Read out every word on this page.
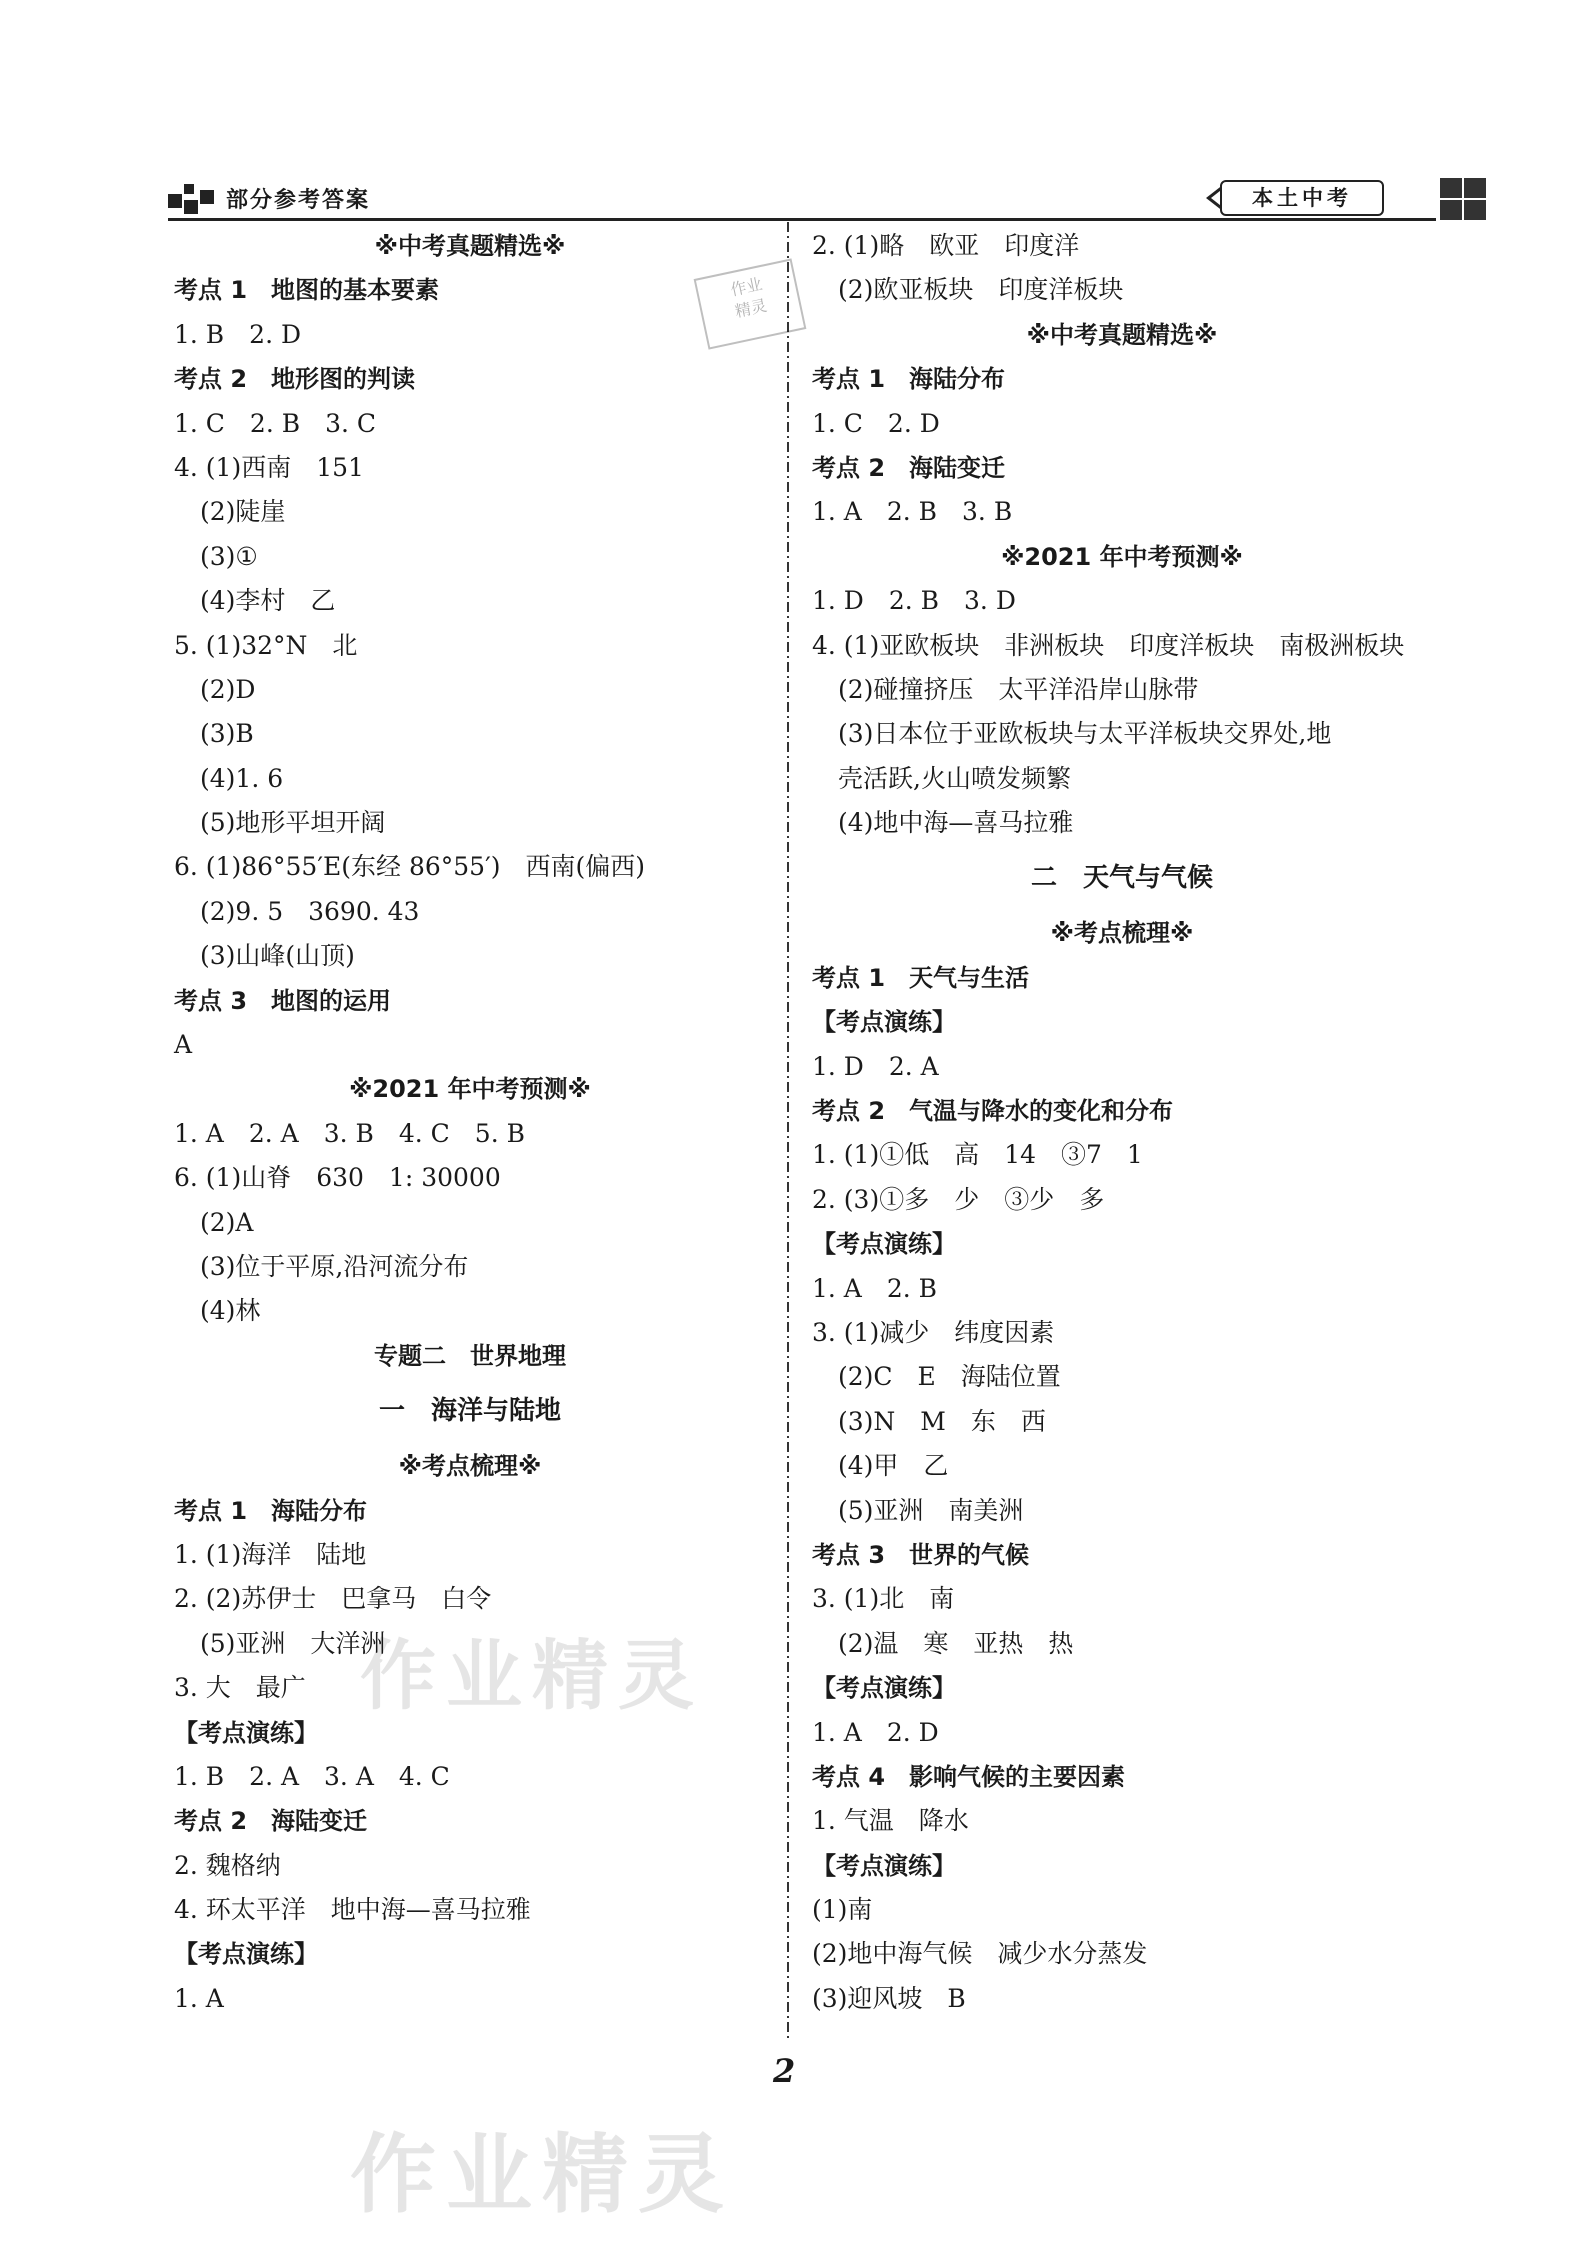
部分参考答案	本土中考
※中考真题精选※
考点 1　地图的基本要素
1. B　2. D
考点 2　地形图的判读
1. C　2. B　3. C
4. (1)西南　151
(2)陡崖
(3)①
(4)李村　乙
5. (1)32°N　北
(2)D
(3)B
(4)1. 6
(5)地形平坦开阔
6. (1)86°55′E(东经 86°55′)　西南(偏西)
(2)9. 5　3690. 43
(3)山峰(山顶)
考点 3　地图的运用
A
※2021 年中考预测※
1. A　2. A　3. B　4. C　5. B
6. (1)山脊　630　1: 30000
(2)A
(3)位于平原,沿河流分布
(4)林
专题二　世界地理
一　海洋与陆地
※考点梳理※
考点 1　海陆分布
1. (1)海洋　陆地
2. (2)苏伊士　巴拿马　白令
(5)亚洲　大洋洲
3. 大　最广
【考点演练】
1. B　2. A　3. A　4. C
考点 2　海陆变迁
2. 魏格纳
4. 环太平洋　地中海—喜马拉雅
【考点演练】
1. A
2. (1)略　欧亚　印度洋
(2)欧亚板块　印度洋板块
※中考真题精选※
考点 1　海陆分布
1. C　2. D
考点 2　海陆变迁
1. A　2. B　3. B
※2021 年中考预测※
1. D　2. B　3. D
4. (1)亚欧板块　非洲板块　印度洋板块　南极洲板块
(2)碰撞挤压　太平洋沿岸山脉带
(3)日本位于亚欧板块与太平洋板块交界处,地
壳活跃,火山喷发频繁
(4)地中海—喜马拉雅
二　天气与气候
※考点梳理※
考点 1　天气与生活
【考点演练】
1. D　2. A
考点 2　气温与降水的变化和分布
1. (1)①低　高　14　③7　1
2. (3)①多　少　③少　多
【考点演练】
1. A　2. B
3. (1)减少　纬度因素
(2)C　E　海陆位置
(3)N　M　东　西
(4)甲　乙
(5)亚洲　南美洲
考点 3　世界的气候
3. (1)北　南
(2)温　寒　亚热　热
【考点演练】
1. A　2. D
考点 4　影响气候的主要因素
1. 气温　降水
【考点演练】
(1)南
(2)地中海气候　减少水分蒸发
(3)迎风坡　B
作业
精灵
作业精灵
作业精灵
2
